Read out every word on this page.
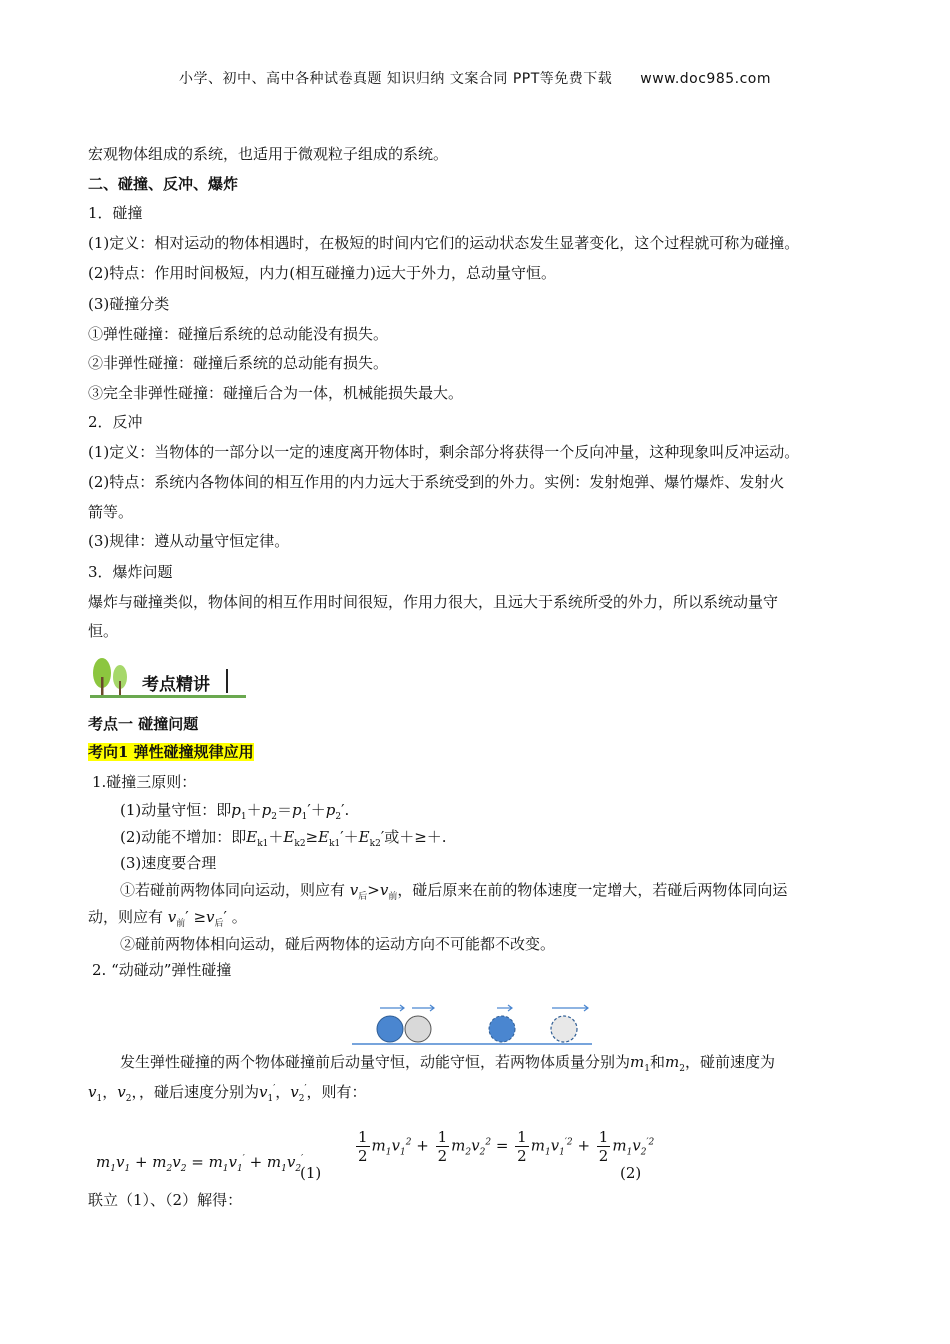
小学、初中、高中各种试卷真题 知识归纳 文案合同 PPT等免费下载 www.doc985.com
宏观物体组成的系统，也适用于微观粒子组成的系统。
二、碰撞、反冲、爆炸
1．碰撞
(1)定义：相对运动的物体相遇时，在极短的时间内它们的运动状态发生显著变化，这个过程就可称为碰撞。
(2)特点：作用时间极短，内力(相互碰撞力)远大于外力，总动量守恒。
(3)碰撞分类
①弹性碰撞：碰撞后系统的总动能没有损失。
②非弹性碰撞：碰撞后系统的总动能有损失。
③完全非弹性碰撞：碰撞后合为一体，机械能损失最大。
2．反冲
(1)定义：当物体的一部分以一定的速度离开物体时，剩余部分将获得一个反向冲量，这种现象叫反冲运动。
(2)特点：系统内各物体间的相互作用的内力远大于系统受到的外力。实例：发射炮弹、爆竹爆炸、发射火
箭等。
(3)规律：遵从动量守恒定律。
3．爆炸问题
爆炸与碰撞类似，物体间的相互作用时间很短，作用力很大，且远大于系统所受的外力，所以系统动量守
恒。
考点精讲
考点一 碰撞问题
考向1 弹性碰撞规律应用
1.碰撞三原则：
(1)动量守恒：即$p_1+p_2=p_1'+p_2'$.
(2)动能不增加：即$E_{k1}+E_{k2}\ge E_{k1}'+E_{k2}'$或＋≥＋.
(3)速度要合理
①若碰前两物体同向运动，则应有 $v_后>v_前$，碰后原来在前的物体速度一定增大，若碰后两物体同向运
动，则应有 $v_前' \ge v_后'$ 。
②碰前两物体相向运动，碰后两物体的运动方向不可能都不改变。
2. “动碰动”弹性碰撞
发生弹性碰撞的两个物体碰撞前后动量守恒，动能守恒，若两物体质量分别为$m_1$和$m_2$，碰前速度为
$v_1$，$v_2$，，碰后速度分别为$v_1'$，$v_2'$，则有：
$m_1v_1 + m_2v_2 = m_1v_1' + m_1v_2'$
(1)
$\frac{1}{2} m_1v_1^2 + \frac{1}{2} m_2v_2^2 = \frac{1}{2} m_1v_1^{'2} + \frac{1}{2} m_1v_2^{'2}$
(2)
联立（1）、（2）解得：
